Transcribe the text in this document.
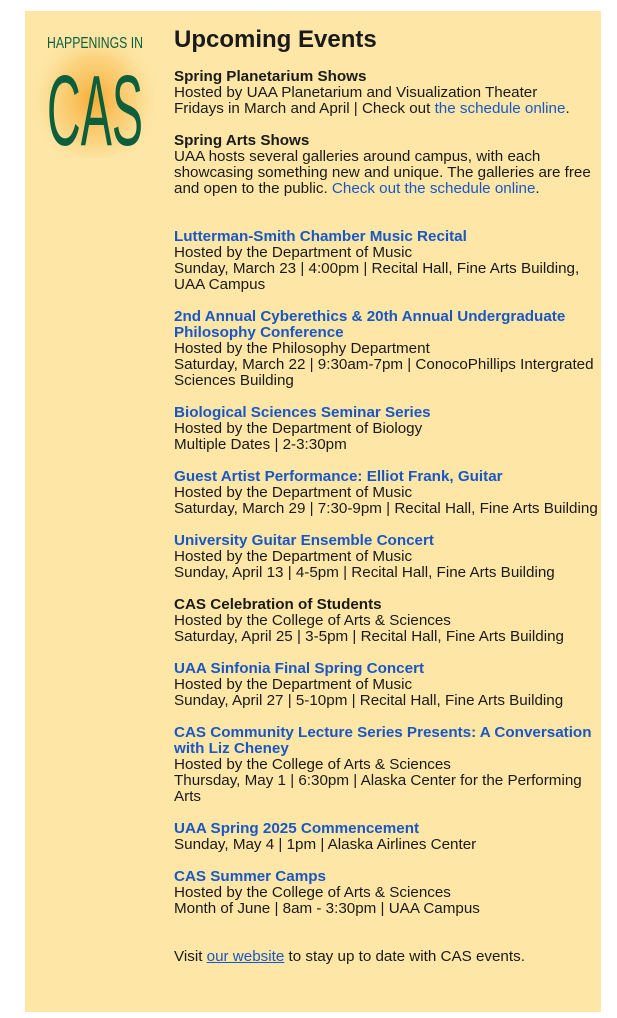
HAPPENINGS IN
CAS
Upcoming Events
Spring Planetarium Shows
Hosted by UAA Planetarium and Visualization Theater
Fridays in March and April | Check out the schedule online.
Spring Arts Shows
UAA hosts several galleries around campus, with each showcasing something new and unique. The galleries are free and open to the public. Check out the schedule online.
Lutterman-Smith Chamber Music Recital
Hosted by the Department of Music
Sunday, March 23 | 4:00pm | Recital Hall, Fine Arts Building, UAA Campus
2nd Annual Cyberethics & 20th Annual Undergraduate Philosophy Conference
Hosted by the Philosophy Department
Saturday, March 22 | 9:30am-7pm | ConocoPhillips Intergrated Sciences Building
Biological Sciences Seminar Series
Hosted by the Department of Biology
Multiple Dates | 2-3:30pm
Guest Artist Performance: Elliot Frank, Guitar
Hosted by the Department of Music
Saturday, March 29 | 7:30-9pm | Recital Hall, Fine Arts Building
University Guitar Ensemble Concert
Hosted by the Department of Music
Sunday, April 13 | 4-5pm | Recital Hall, Fine Arts Building
CAS Celebration of Students
Hosted by the College of Arts & Sciences
Saturday, April 25 | 3-5pm | Recital Hall, Fine Arts Building
UAA Sinfonia Final Spring Concert
Hosted by the Department of Music
Sunday, April 27 | 5-10pm | Recital Hall, Fine Arts Building
CAS Community Lecture Series Presents: A Conversation with Liz Cheney
Hosted by the College of Arts & Sciences
Thursday, May 1 | 6:30pm | Alaska Center for the Performing Arts
UAA Spring 2025 Commencement
Sunday, May 4 | 1pm | Alaska Airlines Center
CAS Summer Camps
Hosted by the College of Arts & Sciences
Month of June | 8am - 3:30pm | UAA Campus
Visit our website to stay up to date with CAS events.
